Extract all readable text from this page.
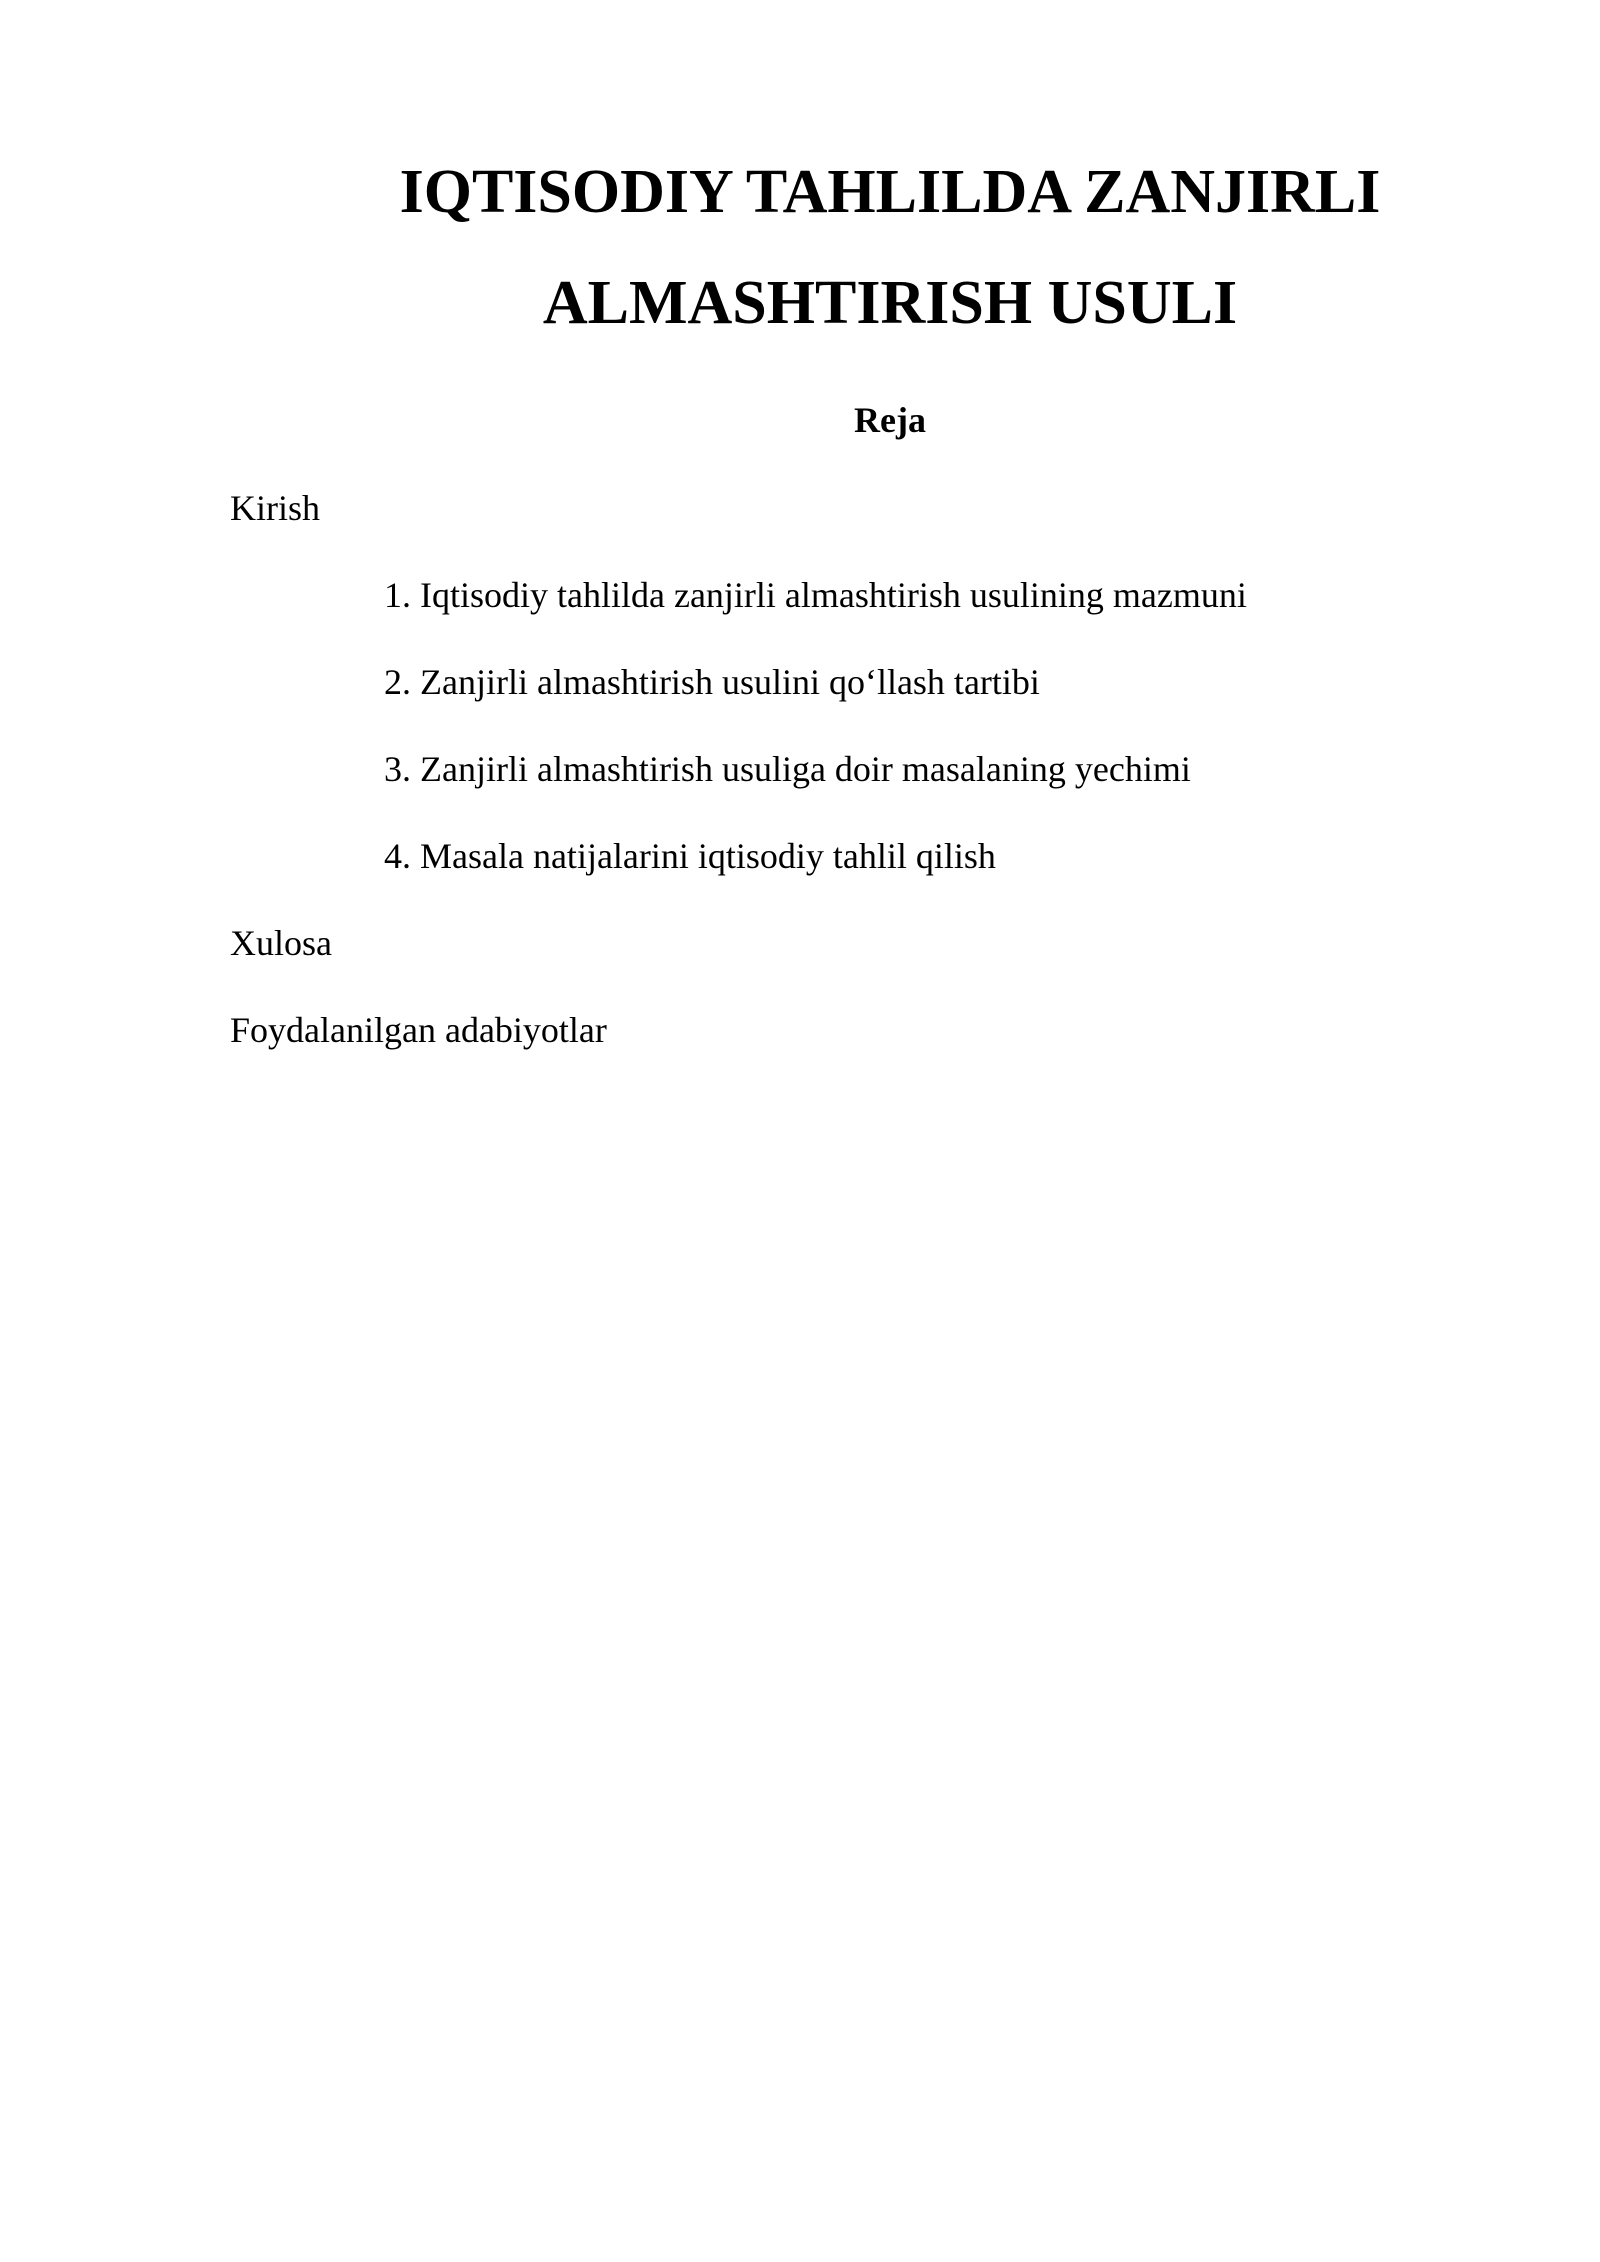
IQTISODIY TAHLILDA ZANJIRLI
ALMASHTIRISH USULI
Reja

Kirish

1. Iqtisodiy tahlilda zanjirli almashtirish usulining mazmuni

2. Zanjirli almashtirish usulini qo‘llash tartibi

3. Zanjirli almashtirish usuliga doir masalaning yechimi

4. Masala natijalarini iqtisodiy tahlil qilish

Xulosa

Foydalanilgan adabiyotlar
